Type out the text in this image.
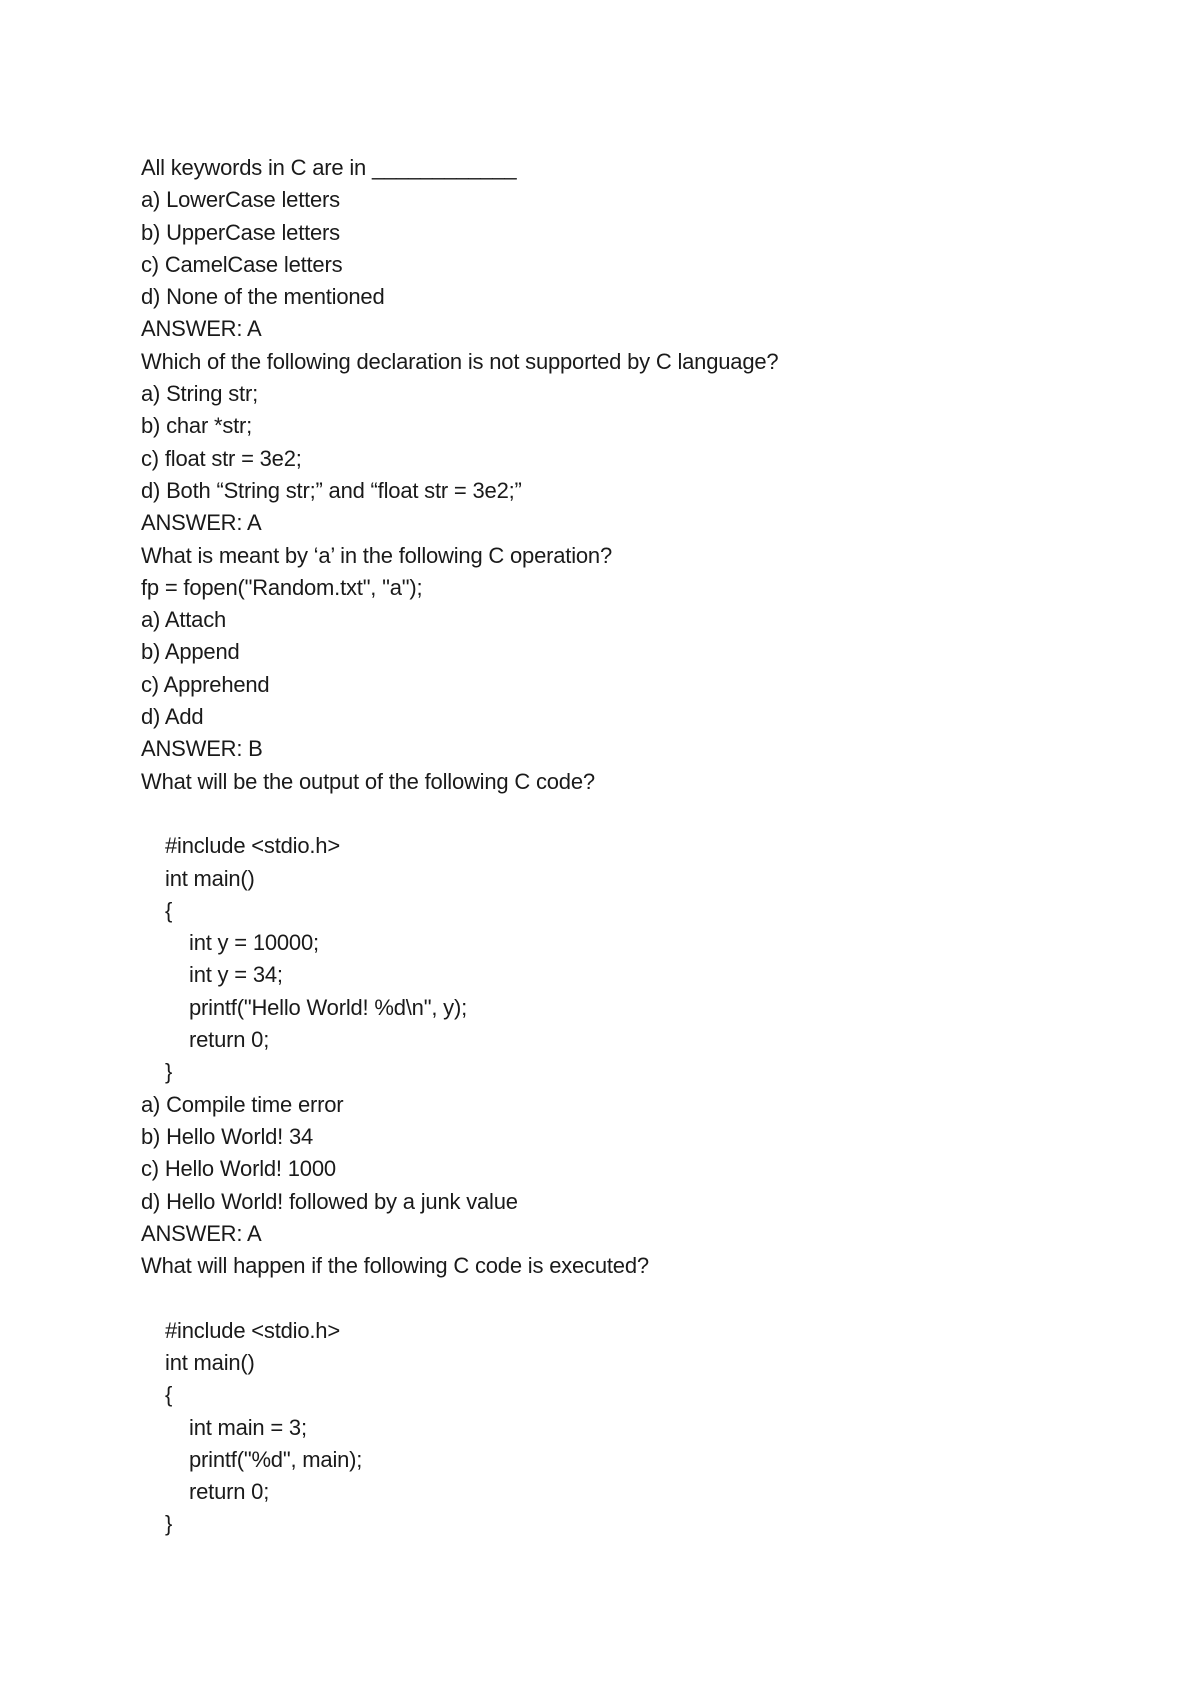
All keywords in C are in ____________
a) LowerCase letters
b) UpperCase letters
c) CamelCase letters
d) None of the mentioned
ANSWER: A
Which of the following declaration is not supported by C language?
a) String str;
b) char *str;
c) float str = 3e2;
d) Both “String str;” and “float str = 3e2;”
ANSWER: A
What is meant by ‘a’ in the following C operation?
fp = fopen("Random.txt", "a");
a) Attach
b) Append
c) Apprehend
d) Add
ANSWER: B
What will be the output of the following C code?
#include <stdio.h>
int main()
{
int y = 10000;
int y = 34;
printf("Hello World! %d\n", y);
return 0;
}
a) Compile time error
b) Hello World! 34
c) Hello World! 1000
d) Hello World! followed by a junk value
ANSWER: A
What will happen if the following C code is executed?
#include <stdio.h>
int main()
{
int main = 3;
printf("%d", main);
return 0;
}
